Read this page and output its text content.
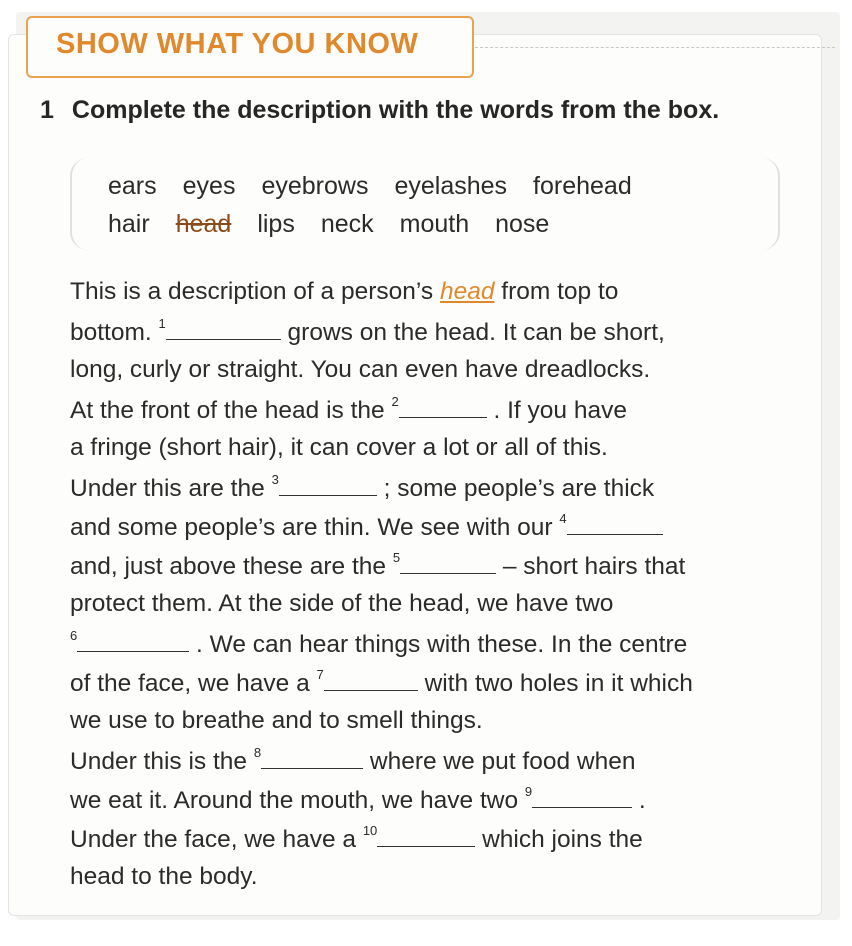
SHOW WHAT YOU KNOW
1 Complete the description with the words from the box.
ears eyes eyebrows eyelashes forehead
hair head lips neck mouth nose
This is a description of a person’s head from top to
bottom. $^1$	grows on the head. It can be short,
long, curly or straight. You can even have dreadlocks.
At the front of the head is the $^2$	. If you have
a fringe (short hair), it can cover a lot or all of this.
Under this are the $^3$	; some people’s are thick
and some people’s are thin. We see with our $^4$
and, just above these are the $^5$	– short hairs that
protect them. At the side of the head, we have two
$^6$	. We can hear things with these. In the centre
of the face, we have a $^7$	with two holes in it which
we use to breathe and to smell things.
Under this is the $^8$	where we put food when
we eat it. Around the mouth, we have two $^9$	.
Under the face, we have a $^{10}$	which joins the
head to the body.
